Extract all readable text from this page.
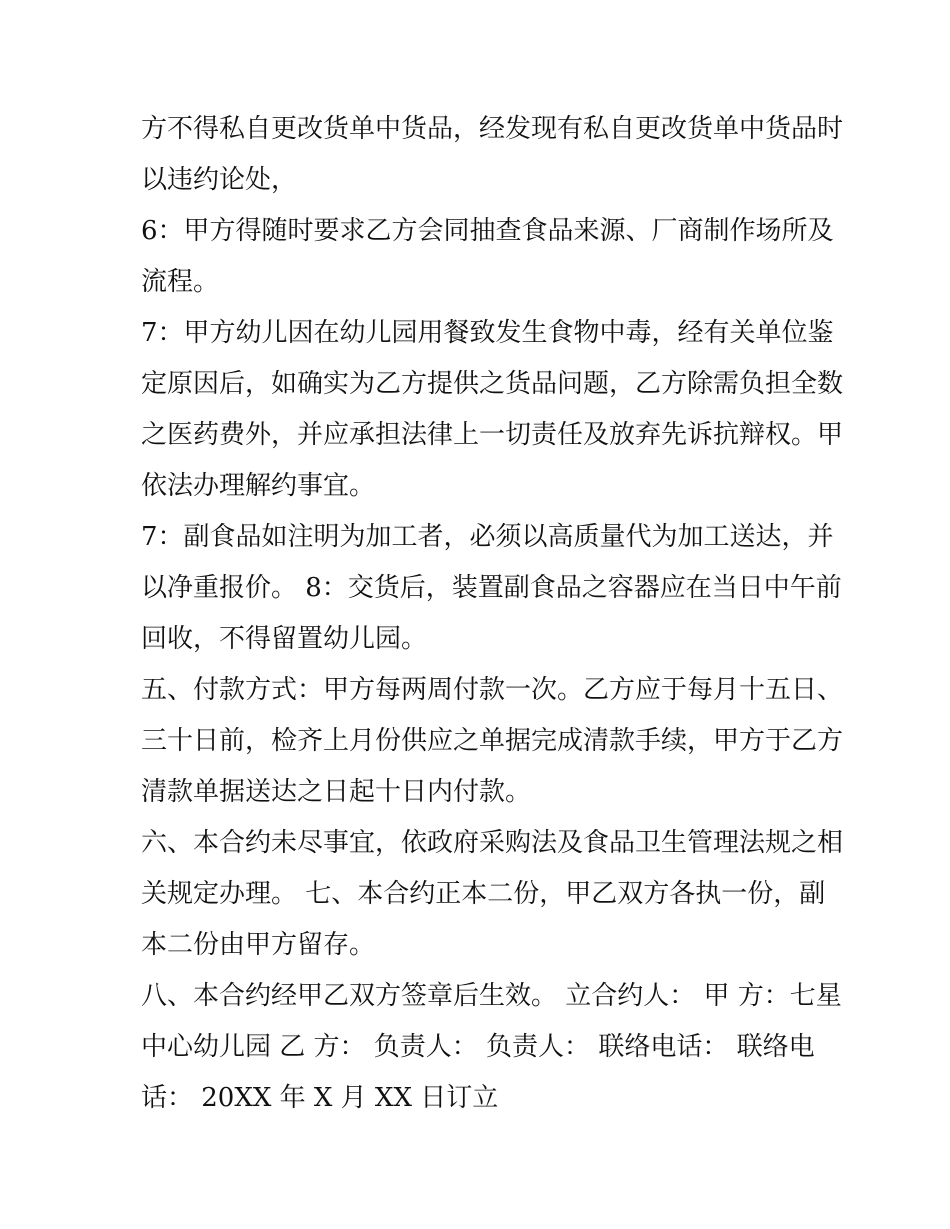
方不得私自更改货单中货品，经发现有私自更改货单中货品时
以违约论处，
6：甲方得随时要求乙方会同抽查食品来源、厂商制作场所及
流程。
7：甲方幼儿因在幼儿园用餐致发生食物中毒，经有关单位鉴
定原因后，如确实为乙方提供之货品问题，乙方除需负担全数
之医药费外，并应承担法律上一切责任及放弃先诉抗辩权。甲
依法办理解约事宜。
7：副食品如注明为加工者，必须以高质量代为加工送达，并
以净重报价。 8：交货后，装置副食品之容器应在当日中午前
回收，不得留置幼儿园。
五、付款方式：甲方每两周付款一次。乙方应于每月十五日、
三十日前，检齐上月份供应之单据完成清款手续，甲方于乙方
清款单据送达之日起十日内付款。
六、本合约未尽事宜，依政府采购法及食品卫生管理法规之相
关规定办理。 七、本合约正本二份，甲乙双方各执一份，副
本二份由甲方留存。
八、本合约经甲乙双方签章后生效。 立合约人： 甲 方：七星
中心幼儿园 乙 方： 负责人： 负责人： 联络电话： 联络电
话： 20XX 年 X 月 XX 日订立
